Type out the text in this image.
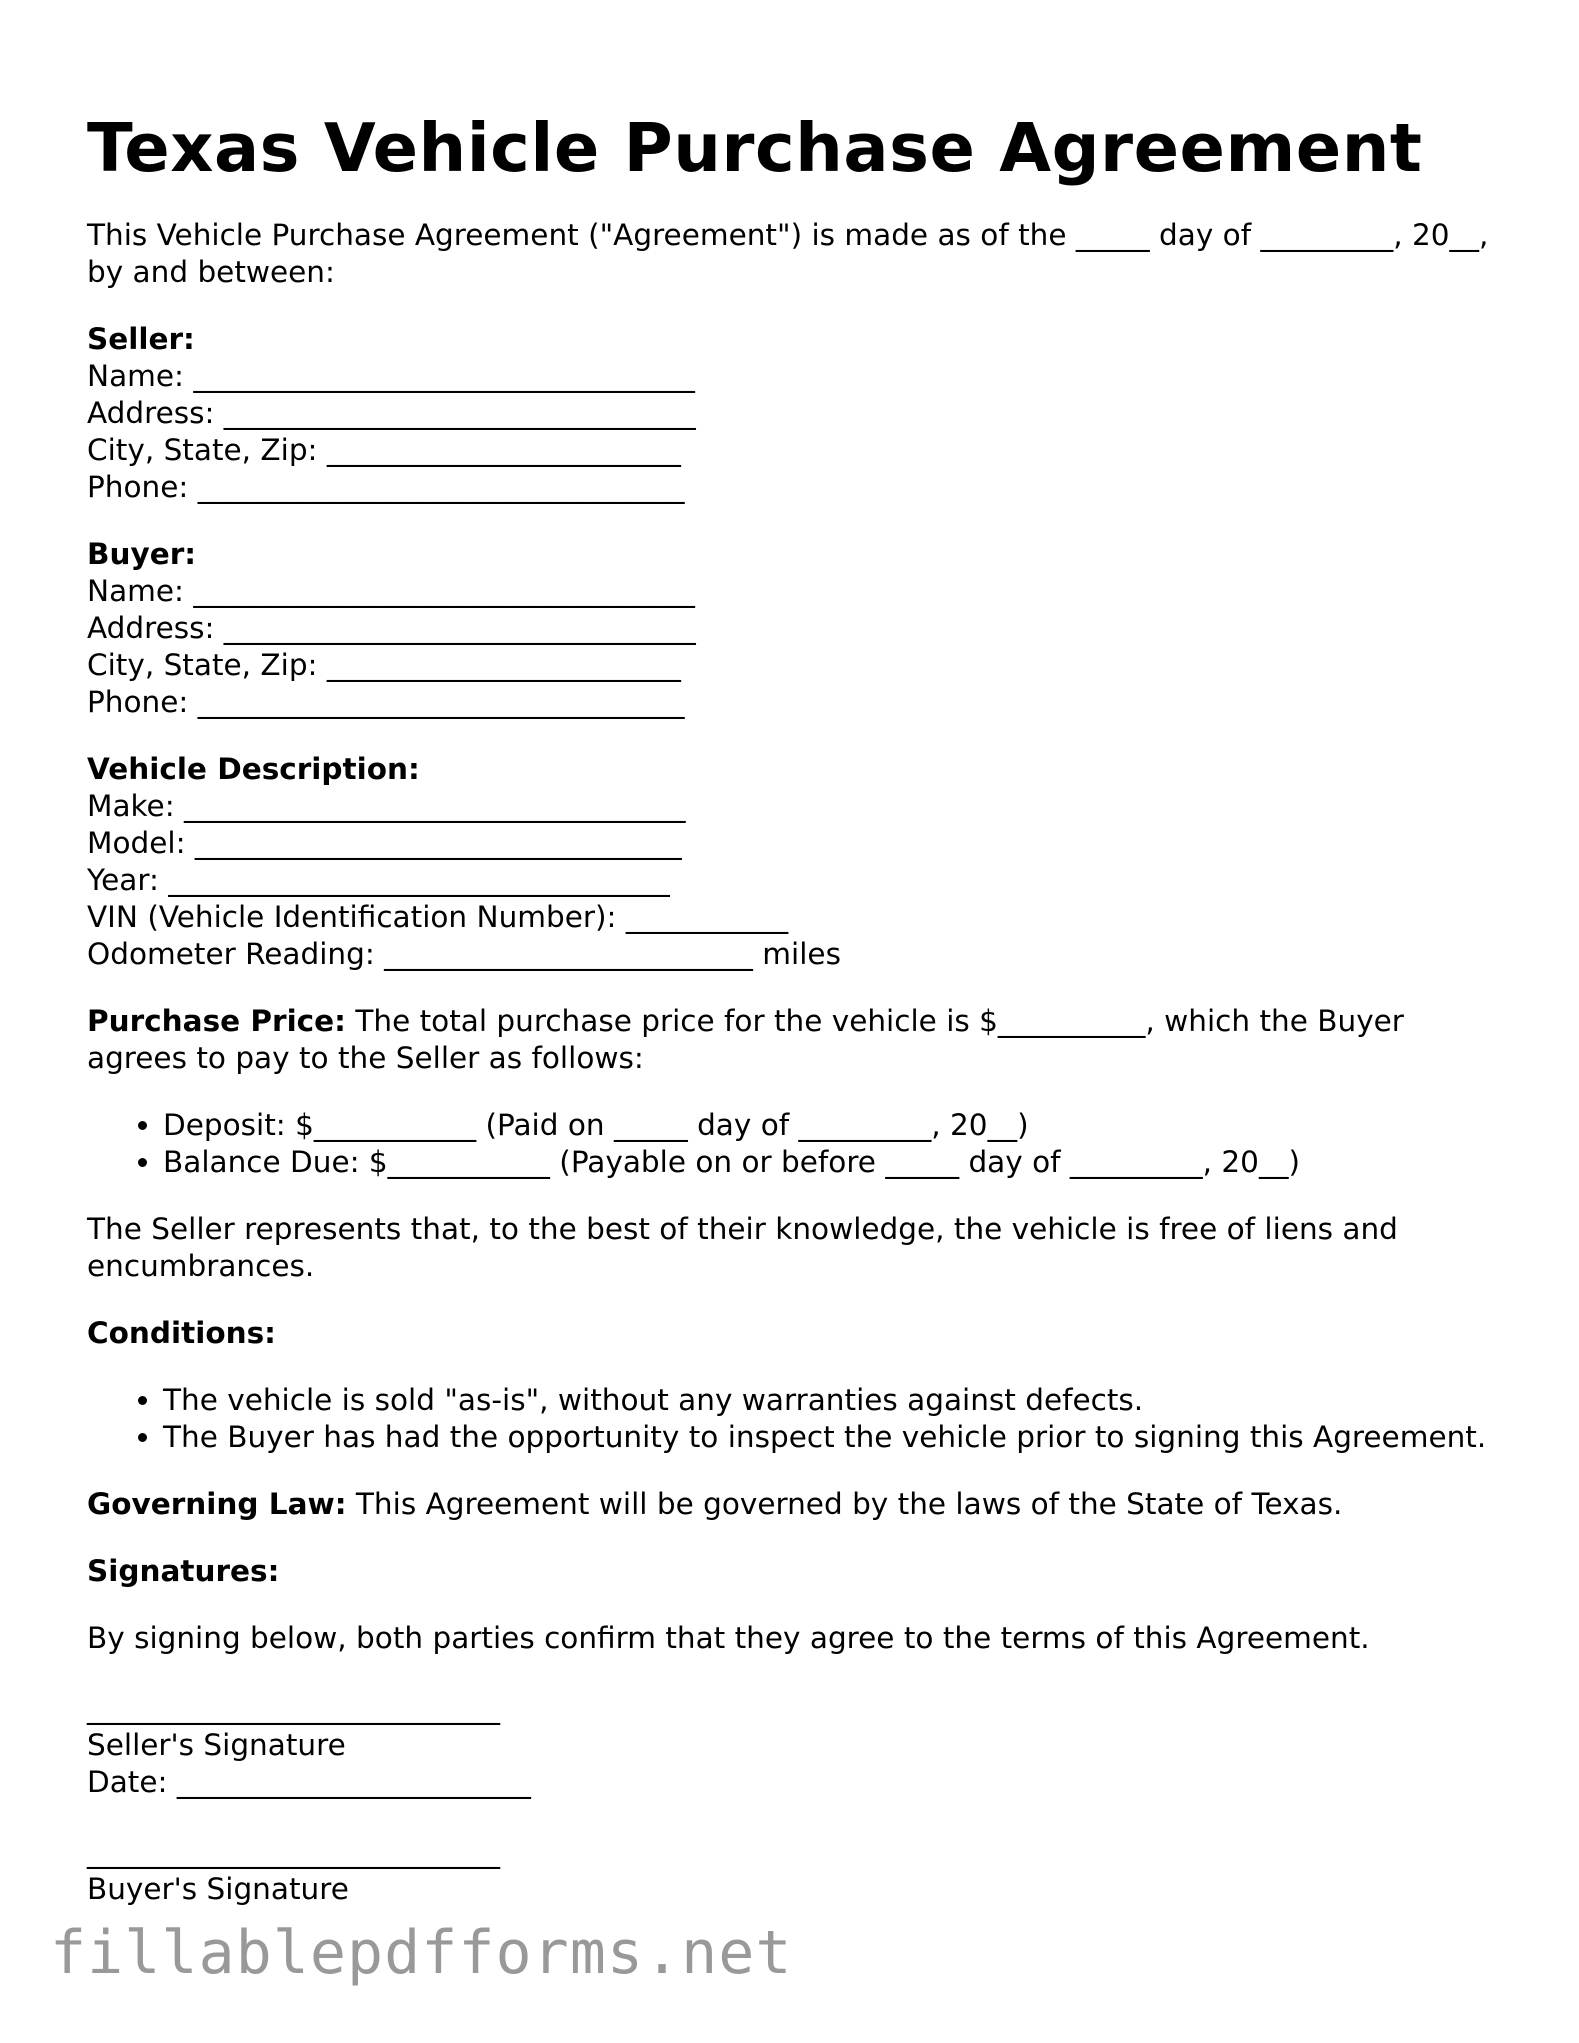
Texas Vehicle Purchase Agreement

This Vehicle Purchase Agreement ("Agreement") is made as of the _____ day of _________, 20__, by and between:

Seller:
Name: __________________________________
Address: ________________________________
City, State, Zip: ________________________
Phone: _________________________________
Buyer:
Name: __________________________________
Address: ________________________________
City, State, Zip: ________________________
Phone: _________________________________
Vehicle Description:
Make: __________________________________
Model: _________________________________
Year: __________________________________
VIN (Vehicle Identification Number): ___________
Odometer Reading: _________________________ miles

Purchase Price: The total purchase price for the vehicle is $__________, which the Buyer agrees to pay to the Seller as follows:

• Deposit: $___________ (Paid on _____ day of _________, 20__)
• Balance Due: $___________ (Payable on or before _____ day of _________, 20__)

The Seller represents that, to the best of their knowledge, the vehicle is free of liens and encumbrances.

Conditions:

• The vehicle is sold "as-is", without any warranties against defects.
• The Buyer has had the opportunity to inspect the vehicle prior to signing this Agreement.

Governing Law: This Agreement will be governed by the laws of the State of Texas.

Signatures:

By signing below, both parties confirm that they agree to the terms of this Agreement.

____________________________
Seller's Signature
Date: ________________________
____________________________
Buyer's Signature
fillablepdfforms.net
